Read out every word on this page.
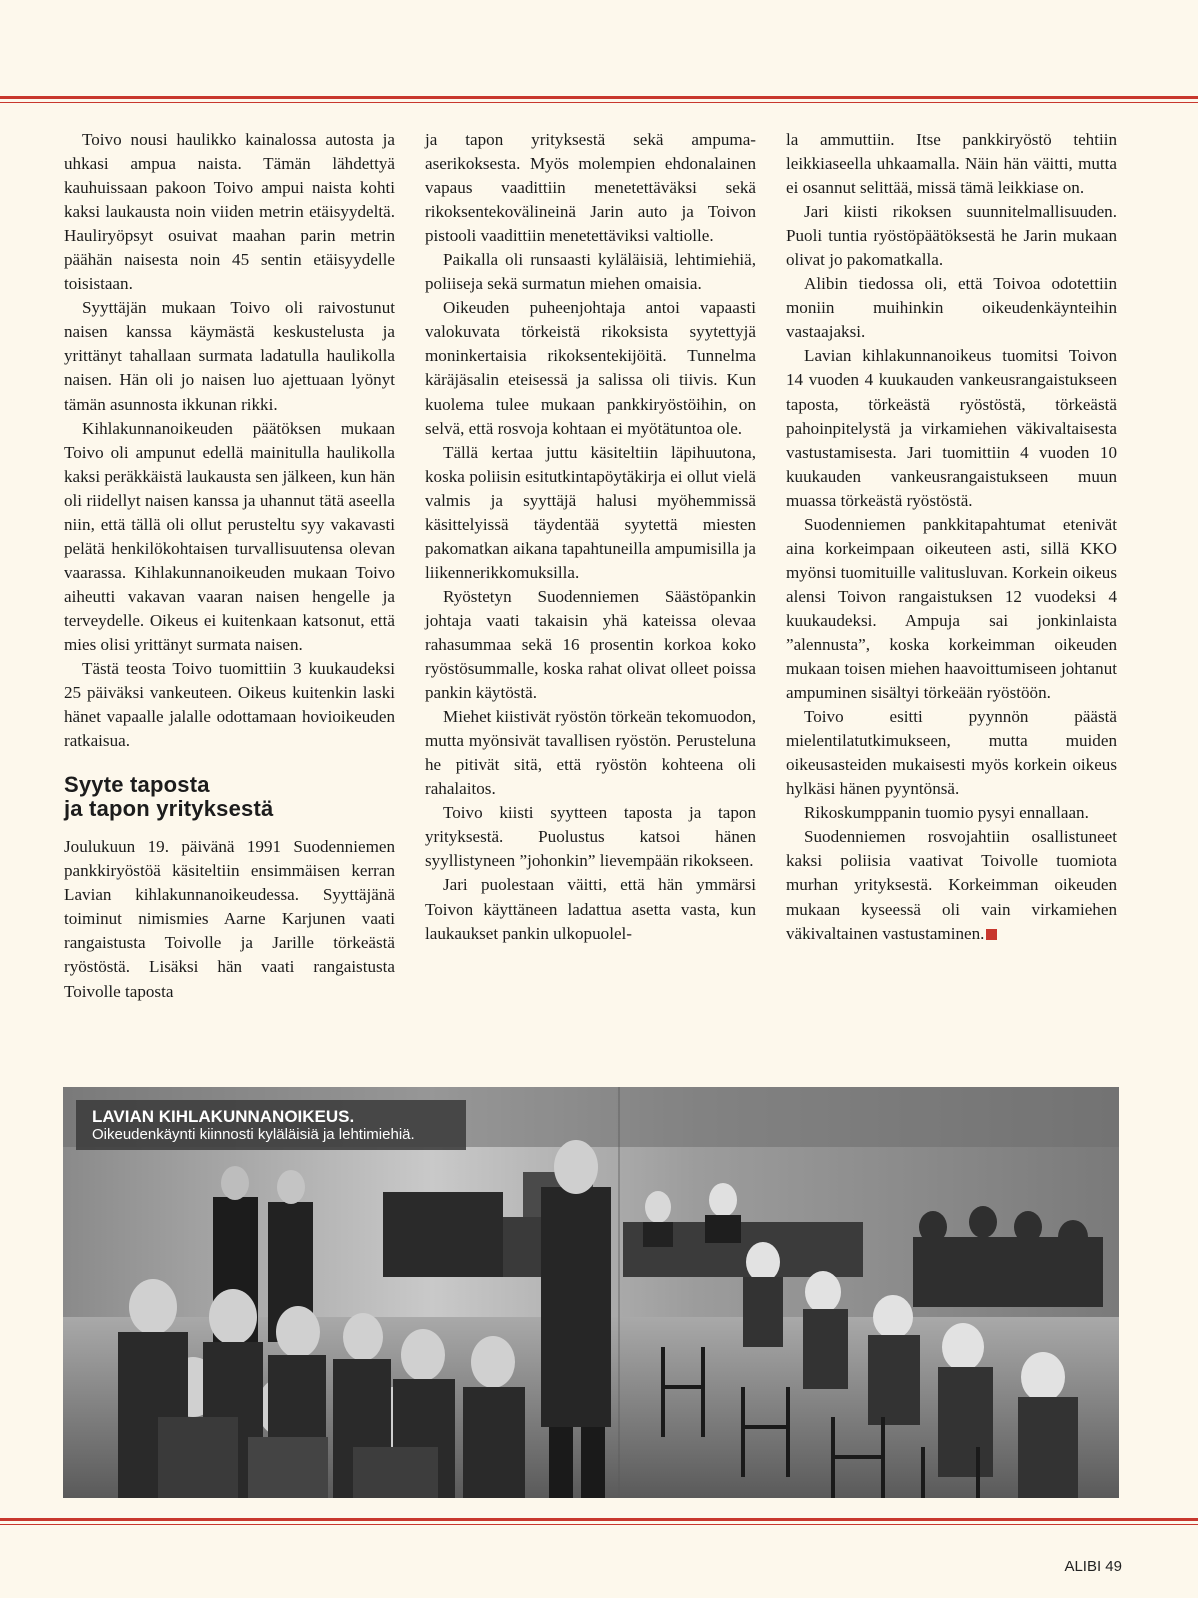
Toivo nousi haulikko kainalossa autosta ja uhkasi ampua naista. Tämän lähdettyä kauhuissaan pakoon Toivo ampui naista kohti kaksi laukausta noin viiden metrin etäisyydeltä. Hauliryöpsyt osuivat maahan parin metrin päähän naisesta noin 45 sentin etäisyydelle toisistaan.

Syyttäjän mukaan Toivo oli raivostunut naisen kanssa käymästä keskustelusta ja yrittänyt tahallaan surmata ladatulla haulikolla naisen. Hän oli jo naisen luo ajettuaan lyönyt tämän asunnosta ikkunan rikki.

Kihlakunnanoikeuden päätöksen mukaan Toivo oli ampunut edellä mainitulla haulikolla kaksi peräkkäistä laukausta sen jälkeen, kun hän oli riidellyt naisen kanssa ja uhannut tätä aseella niin, että tällä oli ollut perusteltu syy vakavasti pelätä henkilökohtaisen turvallisuutensa olevan vaarassa. Kihlakunnanoikeuden mukaan Toivo aiheutti vakavan vaaran naisen hengelle ja terveydelle. Oikeus ei kuitenkaan katsonut, että mies olisi yrittänyt surmata naisen.

Tästä teosta Toivo tuomittiin 3 kuukaudeksi 25 päiväksi vankeuteen. Oikeus kuitenkin laski hänet vapaalle jalalle odottamaan hovioikeuden ratkaisua.

Syyte taposta
ja tapon yrityksestä

Joulukuun 19. päivänä 1991 Suodenniemen pankkiryöstöä käsiteltiin ensimmäisen kerran Lavian kihlakunnanoikeudessa. Syyttäjänä toiminut nimismies Aarne Karjunen vaati rangaistusta Toivolle ja Jarille törkeästä ryöstöstä. Lisäksi hän vaati rangaistusta Toivolle taposta

ja tapon yrityksestä sekä ampuma-aserikoksesta. Myös molempien ehdonalainen vapaus vaadittiin menetettäväksi sekä rikoksentekovälineinä Jarin auto ja Toivon pistooli vaadittiin menetettäviksi valtiolle.

Paikalla oli runsaasti kyläläisiä, lehtimiehiä, poliiseja sekä surmatun miehen omaisia.

Oikeuden puheenjohtaja antoi vapaasti valokuvata törkeistä rikoksista syytettyjä moninkertaisia rikoksentekijöitä. Tunnelma käräjäsalin eteisessä ja salissa oli tiivis. Kun kuolema tulee mukaan pankkiryöstöihin, on selvä, että rosvoja kohtaan ei myötätuntoa ole.

Tällä kertaa juttu käsiteltiin läpihuutona, koska poliisin esitutkintapöytäkirja ei ollut vielä valmis ja syyttäjä halusi myöhemmissä käsittelyissä täydentää syytettä miesten pakomatkan aikana tapahtuneilla ampumisilla ja liikennerikkomuksilla.

Ryöstetyn Suodenniemen Säästöpankin johtaja vaati takaisin yhä kateissa olevaa rahasummaa sekä 16 prosentin korkoa koko ryöstösummalle, koska rahat olivat olleet poissa pankin käytöstä.

Miehet kiistivät ryöstön törkeän tekomuodon, mutta myönsivät tavallisen ryöstön. Perusteluna he pitivät sitä, että ryöstön kohteena oli rahalaitos.

Toivo kiisti syytteen taposta ja tapon yrityksestä. Puolustus katsoi hänen syyllistyneen ”johonkin” lievempään rikokseen.

Jari puolestaan väitti, että hän ymmärsi Toivon käyttäneen ladattua asetta vasta, kun laukaukset pankin ulkopuolel-

la ammuttiin. Itse pankkiryöstö tehtiin leikkiaseella uhkaamalla. Näin hän väitti, mutta ei osannut selittää, missä tämä leikkiase on.

Jari kiisti rikoksen suunnitelmallisuuden. Puoli tuntia ryöstöpäätöksestä he Jarin mukaan olivat jo pakomatkalla.

Alibin tiedossa oli, että Toivoa odotettiin moniin muihinkin oikeudenkäynteihin vastaajaksi.

Lavian kihlakunnanoikeus tuomitsi Toivon 14 vuoden 4 kuukauden vankeusrangaistukseen taposta, törkeästä ryöstöstä, törkeästä pahoinpitelystä ja virkamiehen väkivaltaisesta vastustamisesta. Jari tuomittiin 4 vuoden 10 kuukauden vankeusrangaistukseen muun muassa törkeästä ryöstöstä.

Suodenniemen pankkitapahtumat etenivät aina korkeimpaan oikeuteen asti, sillä KKO myönsi tuomituille valitusluvan. Korkein oikeus alensi Toivon rangaistuksen 12 vuodeksi 4 kuukaudeksi. Ampuja sai jonkinlaista ”alennusta”, koska korkeimman oikeuden mukaan toisen miehen haavoittumiseen johtanut ampuminen sisältyi törkeään ryöstöön.

Toivo esitti pyynnön päästä mielentilatutkimukseen, mutta muiden oikeusasteiden mukaisesti myös korkein oikeus hylkäsi hänen pyyntönsä.

Rikoskumppanin tuomio pysyi ennallaan.

Suodenniemen rosvojahtiin osallistuneet kaksi poliisia vaativat Toivolle tuomiota murhan yrityksestä. Korkeimman oikeuden mukaan kyseessä oli vain virkamiehen väkivaltainen vastustaminen.

LAVIAN KIHLAKUNNANOIKEUS.
Oikeudenkäynti kiinnosti kyläläisiä ja lehtimiehiä.
ALIBI 49
